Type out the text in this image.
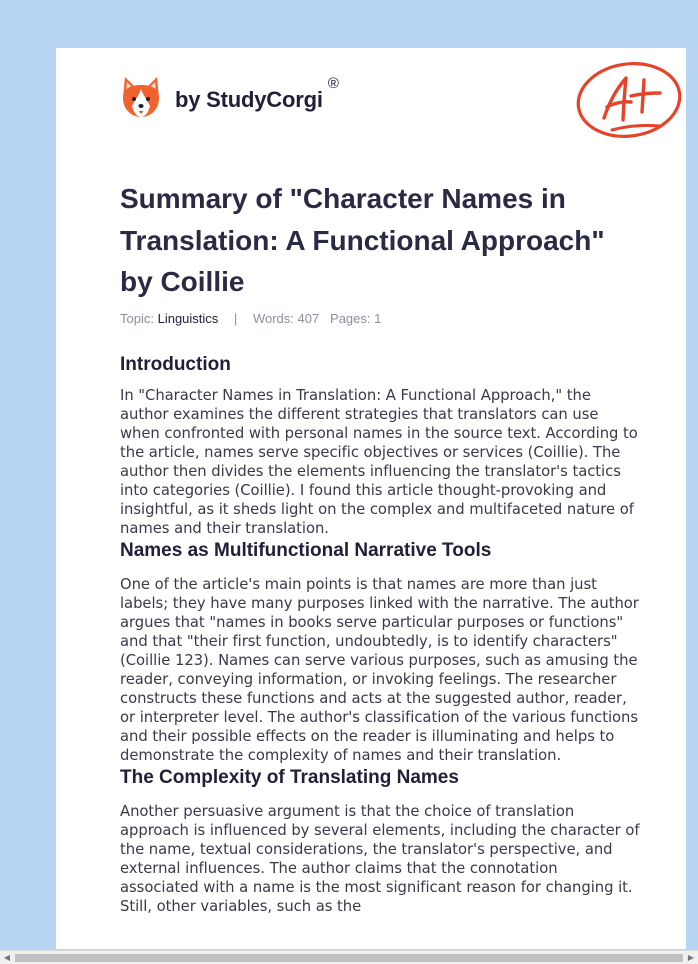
by StudyCorgi
®
Summary of "Character Names in Translation: A Functional Approach" by Coillie
Topic: Linguistics | Words: 407 Pages: 1
Introduction

In "Character Names in Translation: A Functional Approach," the author examines the different strategies that translators can use when confronted with personal names in the source text. According to the article, names serve specific objectives or services (Coillie). The author then divides the elements influencing the translator's tactics into categories (Coillie). I found this article thought-provoking and insightful, as it sheds light on the complex and multifaceted nature of names and their translation.

Names as Multifunctional Narrative Tools

One of the article's main points is that names are more than just labels; they have many purposes linked with the narrative. The author argues that "names in books serve particular purposes or functions" and that "their first function, undoubtedly, is to identify characters" (Coillie 123). Names can serve various purposes, such as amusing the reader, conveying information, or invoking feelings. The researcher constructs these functions and acts at the suggested author, reader, or interpreter level. The author's classification of the various functions and their possible effects on the reader is illuminating and helps to demonstrate the complexity of names and their translation.

The Complexity of Translating Names

Another persuasive argument is that the choice of translation approach is influenced by several elements, including the character of the name, textual considerations, the translator's perspective, and external influences. The author claims that the connotation associated with a name is the most significant reason for changing it. Still, other variables, such as the

◀	▶
